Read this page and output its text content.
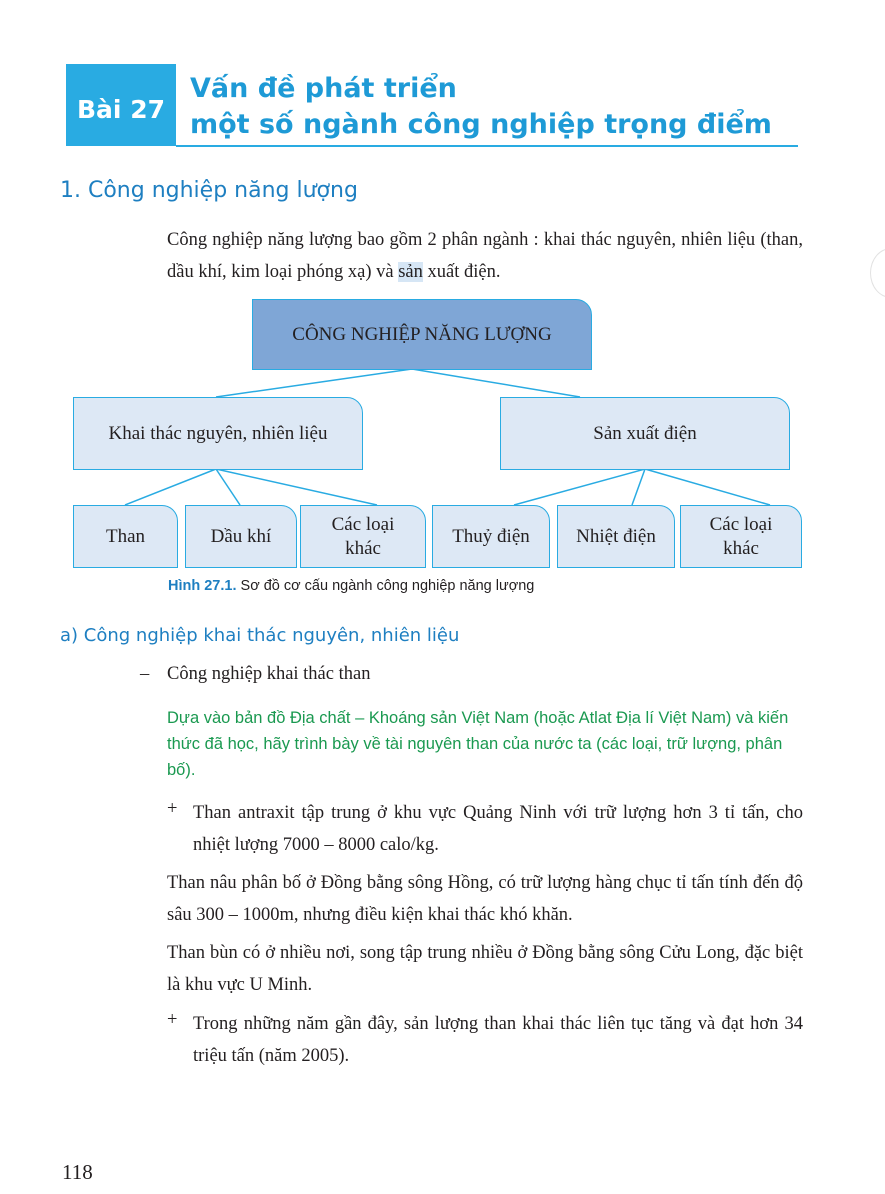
Bài 27
Vấn đề phát triển
một số ngành công nghiệp trọng điểm
1. Công nghiệp năng lượng
Công nghiệp năng lượng bao gồm 2 phân ngành : khai thác nguyên, nhiên liệu (than, dầu khí, kim loại phóng xạ) và sản xuất điện.
CÔNG NGHIỆP NĂNG LƯỢNG
Khai thác nguyên, nhiên liệu	Sản xuất điện
Than	Dầu khí
Các loại khác
Thuỷ điện	Nhiệt điện
Các loại khác
Hình 27.1. Sơ đồ cơ cấu ngành công nghiệp năng lượng
a) Công nghiệp khai thác nguyên, nhiên liệu
– Công nghiệp khai thác than
Dựa vào bản đồ Địa chất – Khoáng sản Việt Nam (hoặc Atlat Địa lí Việt Nam) và kiến thức đã học, hãy trình bày về tài nguyên than của nước ta (các loại, trữ lượng, phân bố).
+ Than antraxit tập trung ở khu vực Quảng Ninh với trữ lượng hơn 3 tỉ tấn, cho nhiệt lượng 7000 – 8000 calo/kg.
Than nâu phân bố ở Đồng bằng sông Hồng, có trữ lượng hàng chục tỉ tấn tính đến độ sâu 300 – 1000m, nhưng điều kiện khai thác khó khăn.
Than bùn có ở nhiều nơi, song tập trung nhiều ở Đồng bằng sông Cửu Long, đặc biệt là khu vực U Minh.
+ Trong những năm gần đây, sản lượng than khai thác liên tục tăng và đạt hơn 34 triệu tấn (năm 2005).
118
